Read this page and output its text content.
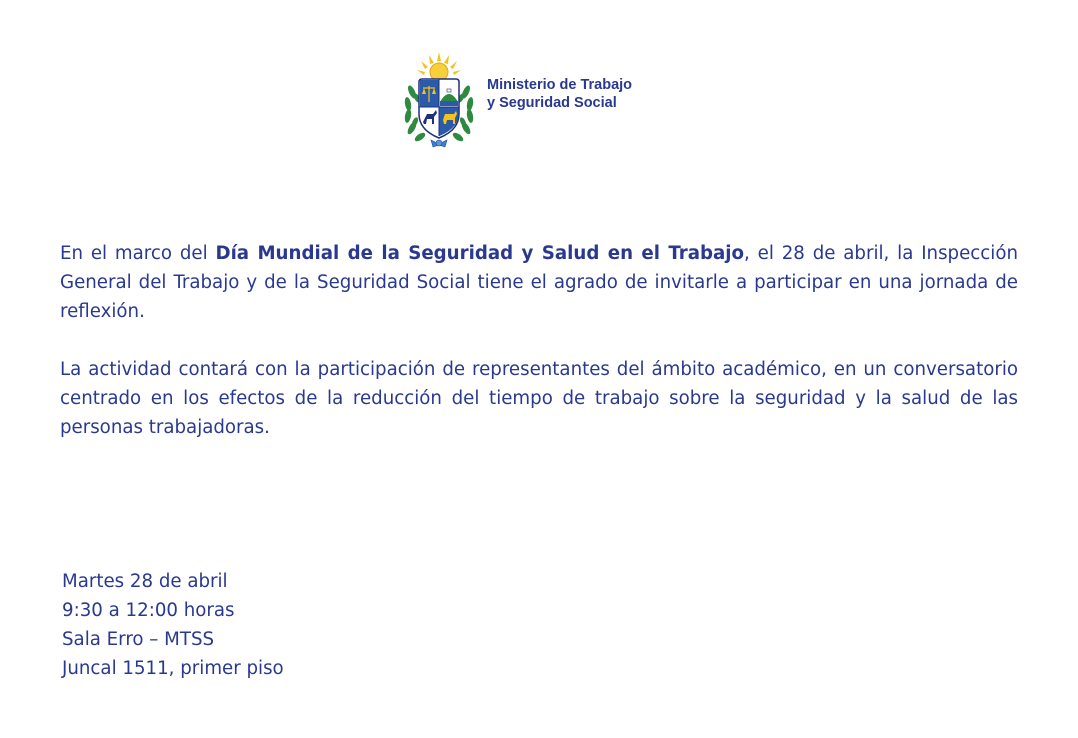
Ministerio de Trabajo
y Seguridad Social

En el marco del Día Mundial de la Seguridad y Salud en el Trabajo, el 28 de abril, la Inspección General del Trabajo y de la Seguridad Social tiene el agrado de invitarle a participar en una jornada de reflexión.

La actividad contará con la participación de representantes del ámbito académico, en un conversatorio centrado en los efectos de la reducción del tiempo de trabajo sobre la seguridad y la salud de las personas trabajadoras.

Martes 28 de abril
9:30 a 12:00 horas
Sala Erro – MTSS
Juncal 1511, primer piso
